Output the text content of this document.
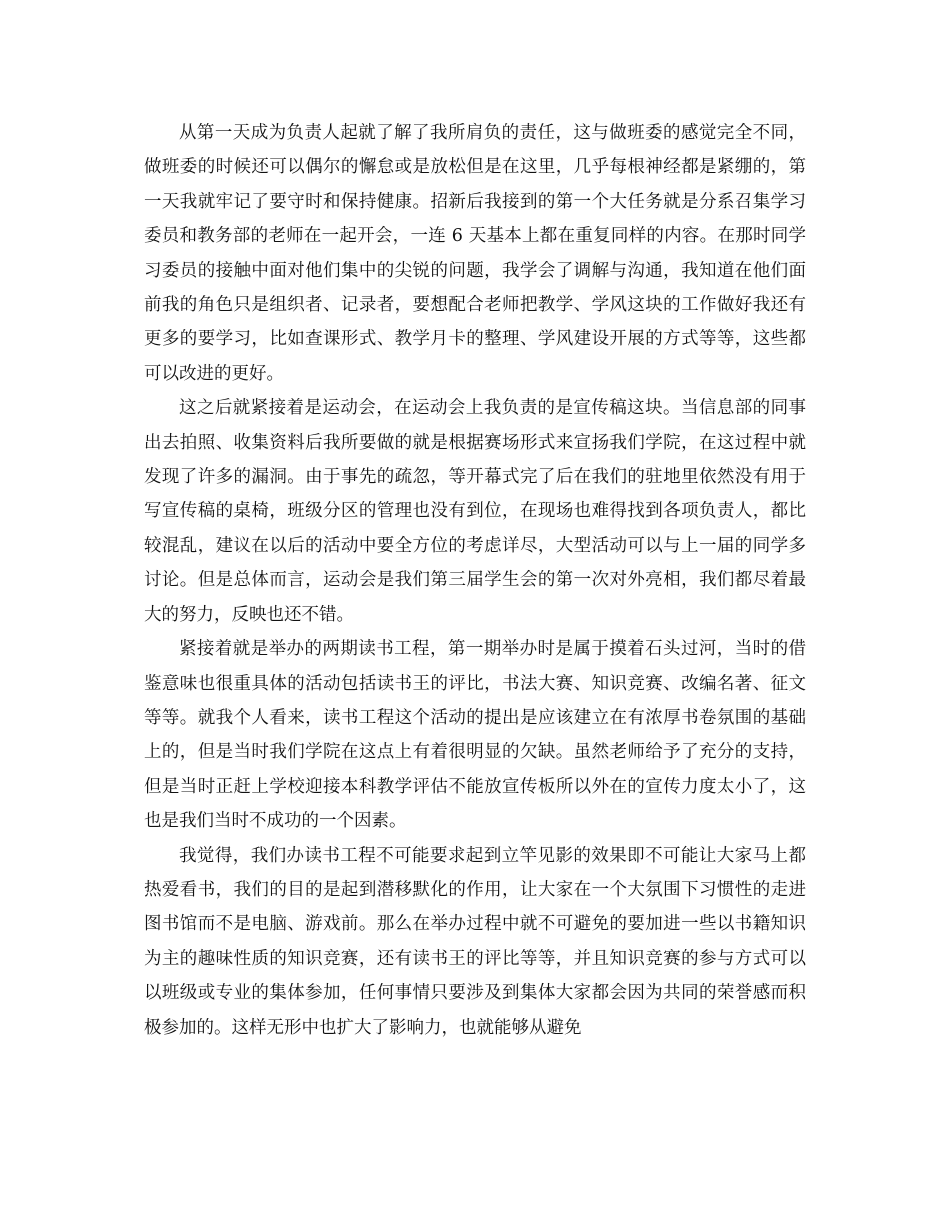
从第一天成为负责人起就了解了我所肩负的责任，这与做班委的感觉完全不同，做班委的时候还可以偶尔的懈怠或是放松但是在这里，几乎每根神经都是紧绷的，第一天我就牢记了要守时和保持健康。招新后我接到的第一个大任务就是分系召集学习委员和教务部的老师在一起开会，一连 6 天基本上都在重复同样的内容。在那时同学习委员的接触中面对他们集中的尖锐的问题，我学会了调解与沟通，我知道在他们面前我的角色只是组织者、记录者，要想配合老师把教学、学风这块的工作做好我还有更多的要学习，比如查课形式、教学月卡的整理、学风建设开展的方式等等，这些都可以改进的更好。

这之后就紧接着是运动会，在运动会上我负责的是宣传稿这块。当信息部的同事出去拍照、收集资料后我所要做的就是根据赛场形式来宣扬我们学院，在这过程中就发现了许多的漏洞。由于事先的疏忽，等开幕式完了后在我们的驻地里依然没有用于写宣传稿的桌椅，班级分区的管理也没有到位，在现场也难得找到各项负责人，都比较混乱，建议在以后的活动中要全方位的考虑详尽，大型活动可以与上一届的同学多讨论。但是总体而言，运动会是我们第三届学生会的第一次对外亮相，我们都尽着最大的努力，反映也还不错。

紧接着就是举办的两期读书工程，第一期举办时是属于摸着石头过河，当时的借鉴意味也很重具体的活动包括读书王的评比，书法大赛、知识竞赛、改编名著、征文等等。就我个人看来，读书工程这个活动的提出是应该建立在有浓厚书卷氛围的基础上的，但是当时我们学院在这点上有着很明显的欠缺。虽然老师给予了充分的支持，但是当时正赶上学校迎接本科教学评估不能放宣传板所以外在的宣传力度太小了，这也是我们当时不成功的一个因素。

我觉得，我们办读书工程不可能要求起到立竿见影的效果即不可能让大家马上都热爱看书，我们的目的是起到潜移默化的作用，让大家在一个大氛围下习惯性的走进图书馆而不是电脑、游戏前。那么在举办过程中就不可避免的要加进一些以书籍知识为主的趣味性质的知识竞赛，还有读书王的评比等等，并且知识竞赛的参与方式可以以班级或专业的集体参加，任何事情只要涉及到集体大家都会因为共同的荣誉感而积极参加的。这样无形中也扩大了影响力，也就能够从避免
